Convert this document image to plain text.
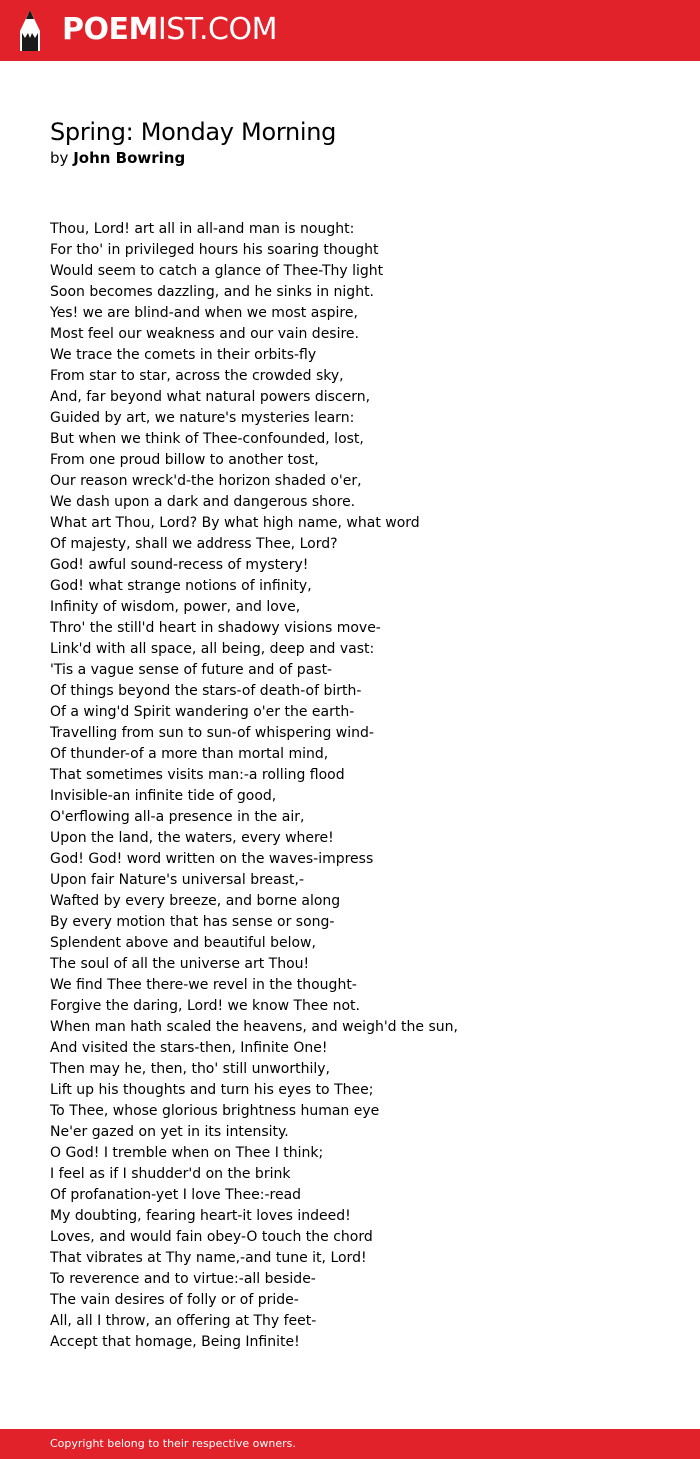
POEMIST.COM
Spring: Monday Morning
by John Bowring
Thou, Lord! art all in all-and man is nought:
For tho' in privileged hours his soaring thought
Would seem to catch a glance of Thee-Thy light
Soon becomes dazzling, and he sinks in night.
Yes! we are blind-and when we most aspire,
Most feel our weakness and our vain desire.
We trace the comets in their orbits-fly
From star to star, across the crowded sky,
And, far beyond what natural powers discern,
Guided by art, we nature's mysteries learn:
But when we think of Thee-confounded, lost,
From one proud billow to another tost,
Our reason wreck'd-the horizon shaded o'er,
We dash upon a dark and dangerous shore.
What art Thou, Lord? By what high name, what word
Of majesty, shall we address Thee, Lord?
God! awful sound-recess of mystery!
God! what strange notions of infinity,
Infinity of wisdom, power, and love,
Thro' the still'd heart in shadowy visions move-
Link'd with all space, all being, deep and vast:
'Tis a vague sense of future and of past-
Of things beyond the stars-of death-of birth-
Of a wing'd Spirit wandering o'er the earth-
Travelling from sun to sun-of whispering wind-
Of thunder-of a more than mortal mind,
That sometimes visits man:-a rolling flood
Invisible-an infinite tide of good,
O'erflowing all-a presence in the air,
Upon the land, the waters, every where!
God! God! word written on the waves-impress
Upon fair Nature's universal breast,-
Wafted by every breeze, and borne along
By every motion that has sense or song-
Splendent above and beautiful below,
The soul of all the universe art Thou!
We find Thee there-we revel in the thought-
Forgive the daring, Lord! we know Thee not.
When man hath scaled the heavens, and weigh'd the sun,
And visited the stars-then, Infinite One!
Then may he, then, tho' still unworthily,
Lift up his thoughts and turn his eyes to Thee;
To Thee, whose glorious brightness human eye
Ne'er gazed on yet in its intensity.
O God! I tremble when on Thee I think;
I feel as if I shudder'd on the brink
Of profanation-yet I love Thee:-read
My doubting, fearing heart-it loves indeed!
Loves, and would fain obey-O touch the chord
That vibrates at Thy name,-and tune it, Lord!
To reverence and to virtue:-all beside-
The vain desires of folly or of pride-
All, all I throw, an offering at Thy feet-
Accept that homage, Being Infinite!
Copyright belong to their respective owners.
